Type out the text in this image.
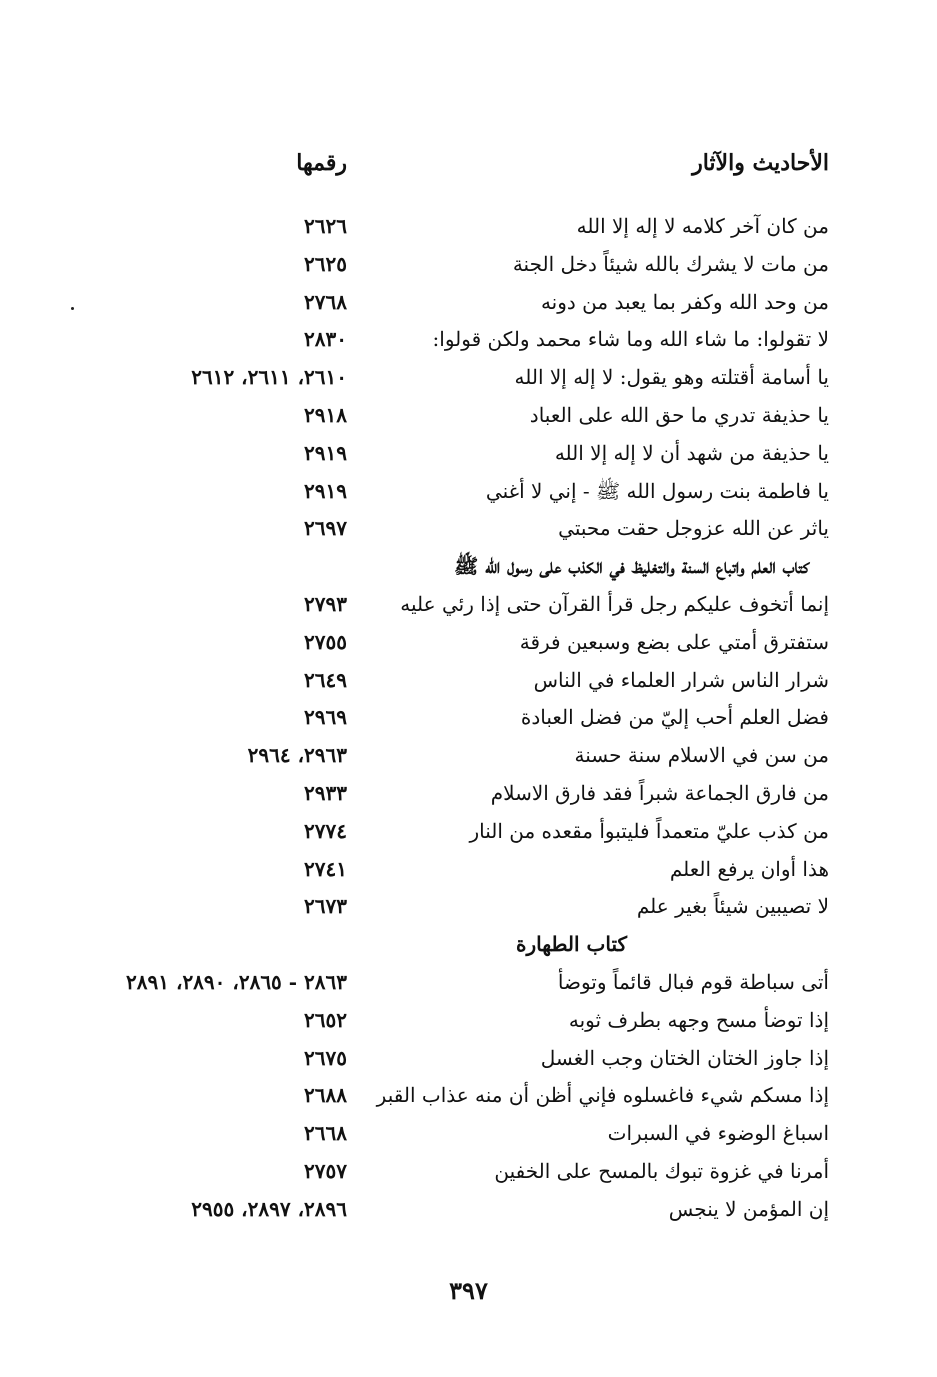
الأحاديث والآثار
رقمها
من كان آخر كلامه لا إله إلا الله
٢٦٢٦
من مات لا يشرك بالله شيئاً دخل الجنة
٢٦٢٥
من وحد الله وكفر بما يعبد من دونه
٢٧٦٨
لا تقولوا: ما شاء الله وما شاء محمد ولكن قولوا:
٢٨٣٠
يا أسامة أقتلته وهو يقول: لا إله إلا الله
٢٦١٠، ٢٦١١، ٢٦١٢
يا حذيفة تدري ما حق الله على العباد
٢٩١٨
يا حذيفة من شهد أن لا إله إلا الله
٢٩١٩
يا فاطمة بنت رسول الله ﷺ - إني لا أغني
٢٩١٩
ياثر عن الله عزوجل حقت محبتي
٢٦٩٧
كتاب العلم واتباع السنة والتغليظ في الكذب على رسول الله ﷺ
إنما أتخوف عليكم رجل قرأ القرآن حتى إذا رئي عليه
٢٧٩٣
ستفترق أمتي على بضع وسبعين فرقة
٢٧٥٥
شرار الناس شرار العلماء في الناس
٢٦٤٩
فضل العلم أحب إليّ من فضل العبادة
٢٩٦٩
من سن في الاسلام سنة حسنة
٢٩٦٣، ٢٩٦٤
من فارق الجماعة شبراً فقد فارق الاسلام
٢٩٣٣
من كذب عليّ متعمداً فليتبوأ مقعده من النار
٢٧٧٤
هذا أوان يرفع العلم
٢٧٤١
لا تصيبين شيئاً بغير علم
٢٦٧٣
كتاب الطهارة
أتى سباطة قوم فبال قائماً وتوضأ
٢٨٦٣ - ٢٨٦٥، ٢٨٩٠، ٢٨٩١
إذا توضأ مسح وجهه بطرف ثوبه
٢٦٥٢
إذا جاوز الختان الختان وجب الغسل
٢٦٧٥
إذا مسكم شيء فاغسلوه فإني أظن أن منه عذاب القبر
٢٦٨٨
اسباغ الوضوء في السبرات
٢٦٦٨
أمرنا في غزوة تبوك بالمسح على الخفين
٢٧٥٧
إن المؤمن لا ينجس
٢٨٩٦، ٢٨٩٧، ٢٩٥٥
٣٩٧
